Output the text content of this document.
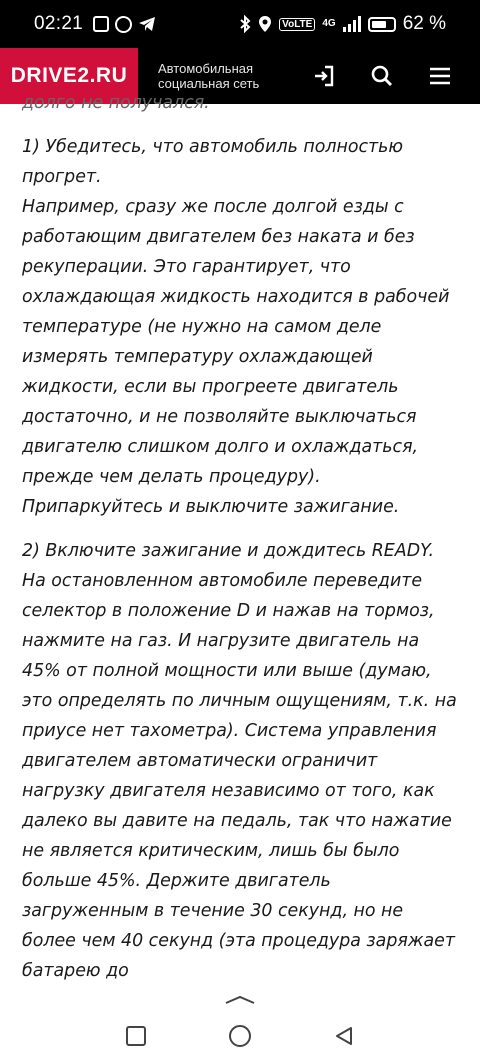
02:21	VoLTE	4G	62 %
DRIVE2.RU	Автомобильная социальная сеть

долго не получался.

1) Убедитесь, что автомобиль полностью прогрет.
Например, сразу же после долгой езды с работающим двигателем без наката и без рекуперации. Это гарантирует, что охлаждающая жидкость находится в рабочей температуре (не нужно на самом деле измерять температуру охлаждающей жидкости, если вы прогреете двигатель достаточно, и не позволяйте выключаться двигателю слишком долго и охлаждаться, прежде чем делать процедуру).
Припаркуйтесь и выключите зажигание.

2) Включите зажигание и дождитесь READY. На остановленном автомобиле переведите селектор в положение D и нажав на тормоз, нажмите на газ. И нагрузите двигатель на 45% от полной мощности или выше (думаю, это определять по личным ощущениям, т.к. на приусе нет тахометра). Система управления двигателем автоматически ограничит нагрузку двигателя независимо от того, как далеко вы давите на педаль, так что нажатие не является критическим, лишь бы было больше 45%. Держите двигатель загруженным в течение 30 секунд, но не более чем 40 секунд (эта процедура заряжает батарею до
